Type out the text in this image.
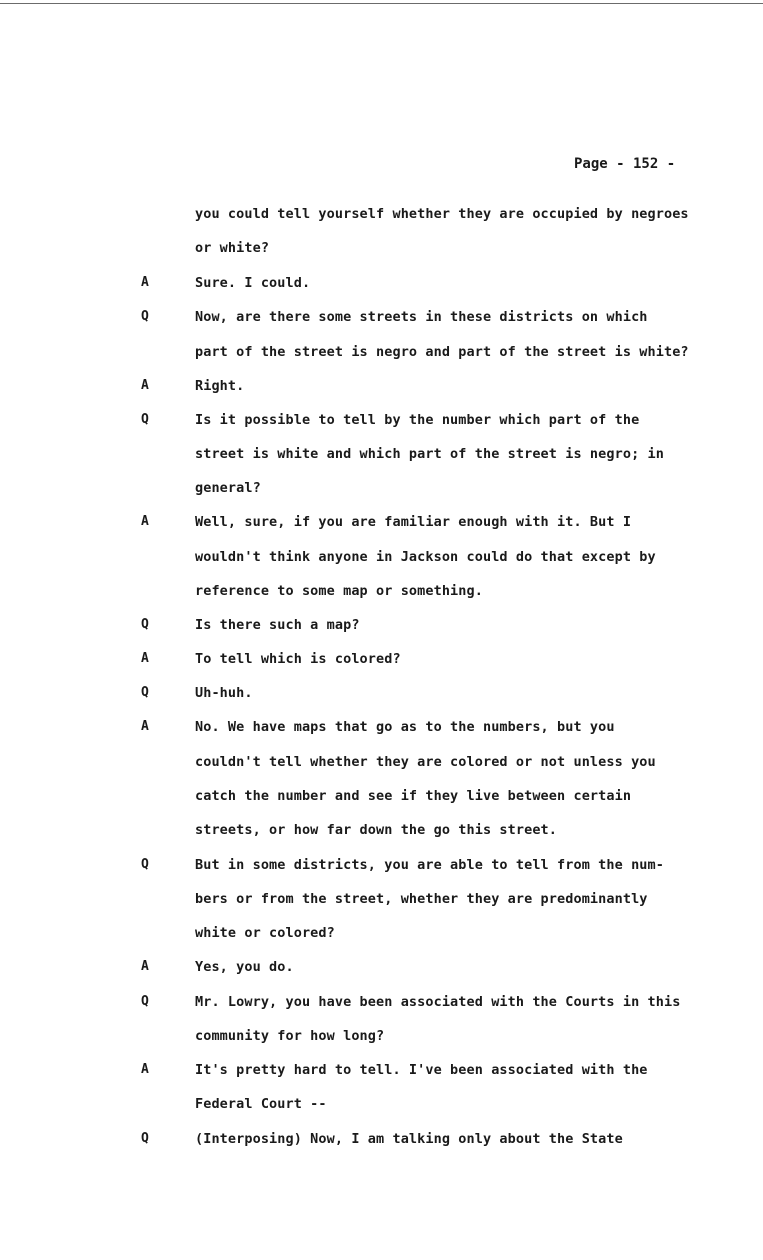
Page - 152 -
you could tell yourself whether they are occupied by negroes
or white?
A	Sure. I could.
Q	Now, are there some streets in these districts on which
part of the street is negro and part of the street is white?
A	Right.
Q	Is it possible to tell by the number which part of the
street is white and which part of the street is negro; in
general?
A	Well, sure, if you are familiar enough with it. But I
wouldn't think anyone in Jackson could do that except by
reference to some map or something.
Q	Is there such a map?
A	To tell which is colored?
Q	Uh-huh.
A	No. We have maps that go as to the numbers, but you
couldn't tell whether they are colored or not unless you
catch the number and see if they live between certain
streets, or how far down the go this street.
Q	But in some districts, you are able to tell from the num-
bers or from the street, whether they are predominantly
white or colored?
A	Yes, you do.
Q	Mr. Lowry, you have been associated with the Courts in this
community for how long?
A	It's pretty hard to tell. I've been associated with the
Federal Court --
Q	(Interposing) Now, I am talking only about the State
